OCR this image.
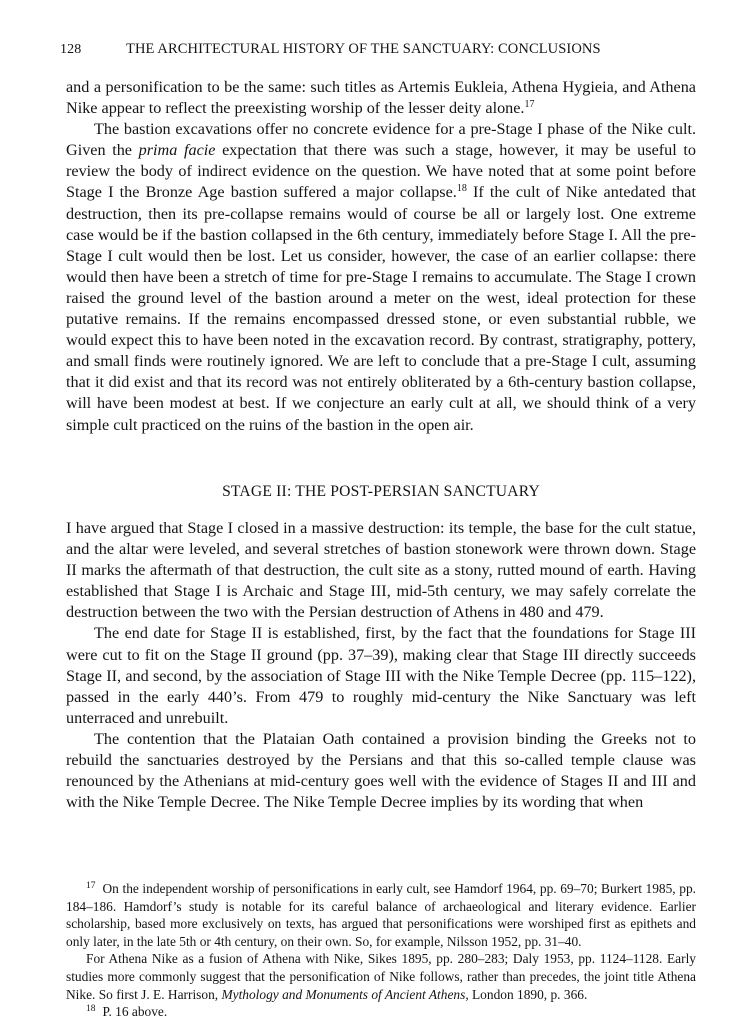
128	THE ARCHITECTURAL HISTORY OF THE SANCTUARY: CONCLUSIONS

and a personification to be the same: such titles as Artemis Eukleia, Athena Hygieia, and Athena Nike appear to reflect the preexisting worship of the lesser deity alone.$^{17}$

The bastion excavations offer no concrete evidence for a pre-Stage I phase of the Nike cult. Given the prima facie expectation that there was such a stage, however, it may be useful to review the body of indirect evidence on the question. We have noted that at some point before Stage I the Bronze Age bastion suffered a major collapse.$^{18}$ If the cult of Nike antedated that destruction, then its pre-collapse remains would of course be all or largely lost. One extreme case would be if the bastion collapsed in the 6th century, immediately before Stage I. All the pre-Stage I cult would then be lost. Let us consider, however, the case of an earlier collapse: there would then have been a stretch of time for pre-Stage I remains to accumulate. The Stage I crown raised the ground level of the bastion around a meter on the west, ideal protection for these putative remains. If the remains encompassed dressed stone, or even substantial rubble, we would expect this to have been noted in the excavation record. By contrast, stratigraphy, pottery, and small finds were routinely ignored. We are left to conclude that a pre-Stage I cult, assuming that it did exist and that its record was not entirely obliterated by a 6th-century bastion collapse, will have been modest at best. If we conjecture an early cult at all, we should think of a very simple cult practiced on the ruins of the bastion in the open air.

STAGE II: THE POST-PERSIAN SANCTUARY

I have argued that Stage I closed in a massive destruction: its temple, the base for the cult statue, and the altar were leveled, and several stretches of bastion stonework were thrown down. Stage II marks the aftermath of that destruction, the cult site as a stony, rutted mound of earth. Having established that Stage I is Archaic and Stage III, mid-5th century, we may safely correlate the destruction between the two with the Persian destruction of Athens in 480 and 479.

The end date for Stage II is established, first, by the fact that the foundations for Stage III were cut to fit on the Stage II ground (pp. 37–39), making clear that Stage III directly succeeds Stage II, and second, by the association of Stage III with the Nike Temple Decree (pp. 115–122), passed in the early 440’s. From 479 to roughly mid-century the Nike Sanctuary was left unterraced and unrebuilt.

The contention that the Plataian Oath contained a provision binding the Greeks not to rebuild the sanctuaries destroyed by the Persians and that this so-called temple clause was renounced by the Athenians at mid-century goes well with the evidence of Stages II and III and with the Nike Temple Decree. The Nike Temple Decree implies by its wording that when

$^{17}$ On the independent worship of personifications in early cult, see Hamdorf 1964, pp. 69–70; Burkert 1985, pp. 184–186. Hamdorf’s study is notable for its careful balance of archaeological and literary evidence. Earlier scholarship, based more exclusively on texts, has argued that personifications were worshiped first as epithets and only later, in the late 5th or 4th century, on their own. So, for example, Nilsson 1952, pp. 31–40.

For Athena Nike as a fusion of Athena with Nike, Sikes 1895, pp. 280–283; Daly 1953, pp. 1124–1128. Early studies more commonly suggest that the personification of Nike follows, rather than precedes, the joint title Athena Nike. So first J. E. Harrison, Mythology and Monuments of Ancient Athens, London 1890, p. 366.

$^{18}$ P. 16 above.
